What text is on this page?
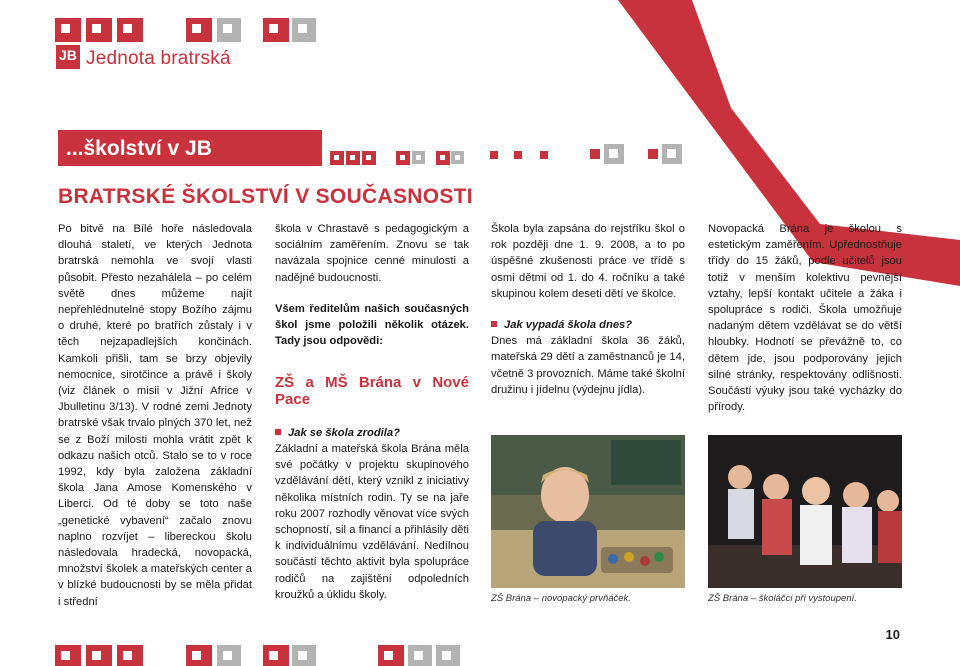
JB Jednota bratrská
...školství v JB
BRATRSKÉ ŠKOLSTVÍ V SOUČASNOSTI

Po bitvě na Bílé hoře následovala dlouhá staletí, ve kterých Jednota bratrská nemohla ve svojí vlasti působit. Přesto nezahálela – po celém světě dnes můžeme najít nepřehlédnutelné stopy Božího zájmu o druhé, které po bratřích zůstaly i v těch nejzapadlejších končinách. Kamkoli přišli, tam se brzy objevily nemocnice, sirotčince a právě i školy (viz článek o misii v Jižní Africe v Jbulletinu 3/13). V rodné zemi Jednoty bratrské však trvalo plných 370 let, než se z Boží milosti mohla vrátit zpět k odkazu našich otců. Stalo se to v roce 1992, kdy byla založena základní škola Jana Amose Komenského v Liberci. Od té doby se toto naše „genetické vybavení“ začalo znovu naplno rozvíjet – libereckou školu následovala hradecká, novopacká, množství školek a mateřských center a v blízké budoucnosti by se měla přidat i střední

škola v Chrastavě s pedagogickým a sociálním zaměřením. Znovu se tak navázala spojnice cenné minulosti a nadějné budoucnosti.

Všem ředitelům našich současných škol jsme položili několik otázek. Tady jsou odpovědi:

ZŠ a MŠ Brána v Nové Pace

Jak se škola zrodila?

Základní a mateřská škola Brána měla své počátky v projektu skupinového vzdělávání dětí, který vznikl z iniciativy několika místních rodin. Ty se na jaře roku 2007 rozhodly věnovat více svých schopností, sil a financí a přihlásily děti k individuálnímu vzdělávání. Nedílnou součástí těchto aktivit byla spolupráce rodičů na zajištění odpoledních kroužků a úklidu školy.

Škola byla zapsána do rejstříku škol o rok později dne 1. 9. 2008, a to po úspěšné zkušenosti práce ve třídě s osmi dětmi od 1. do 4. ročníku a také skupinou kolem deseti dětí ve školce.

Jak vypadá škola dnes?

Dnes má základní škola 36 žáků, mateřská 29 dětí a zaměstnanců je 14, včetně 3 provozních. Máme také školní družinu i jídelnu (výdejnu jídla).

Novopacká Brána je školou s estetickým zaměřením. Upřednostňuje třídy do 15 žáků, podle učitelů jsou totiž v menším kolektivu pevnější vztahy, lepší kontakt učitele a žáka i spolupráce s rodiči. Škola umožňuje nadaným dětem vzdělávat se do větší hloubky. Hodnotí se převážně to, co dětem jde, jsou podporovány jejich silné stránky, respektovány odlišnosti. Součástí výuky jsou také vycházky do přírody.

ZŠ Brána – novopacký prvňáček.	ZŠ Brána – školáčci při vystoupení.
10
